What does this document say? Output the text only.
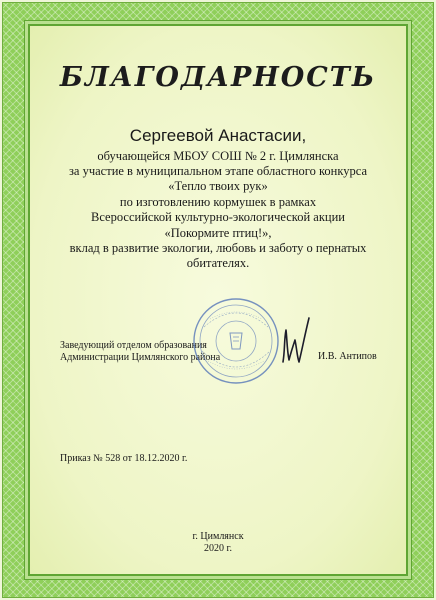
БЛАГОДАРНОСТЬ
Сергеевой Анастасии,
обучающейся МБОУ СОШ № 2 г. Цимлянска
за участие в муниципальном этапе областного конкурса
«Тепло твоих рук»
по изготовлению кормушек в рамках
Всероссийской культурно-экологической акции
«Покормите птиц!»,
вклад в развитие экологии, любовь и заботу о пернатых
обитателях.
Заведующий отделом образования
Администрации Цимлянского района	И.В. Антипов
Приказ № 528 от 18.12.2020 г.
г. Цимлянск
2020 г.
